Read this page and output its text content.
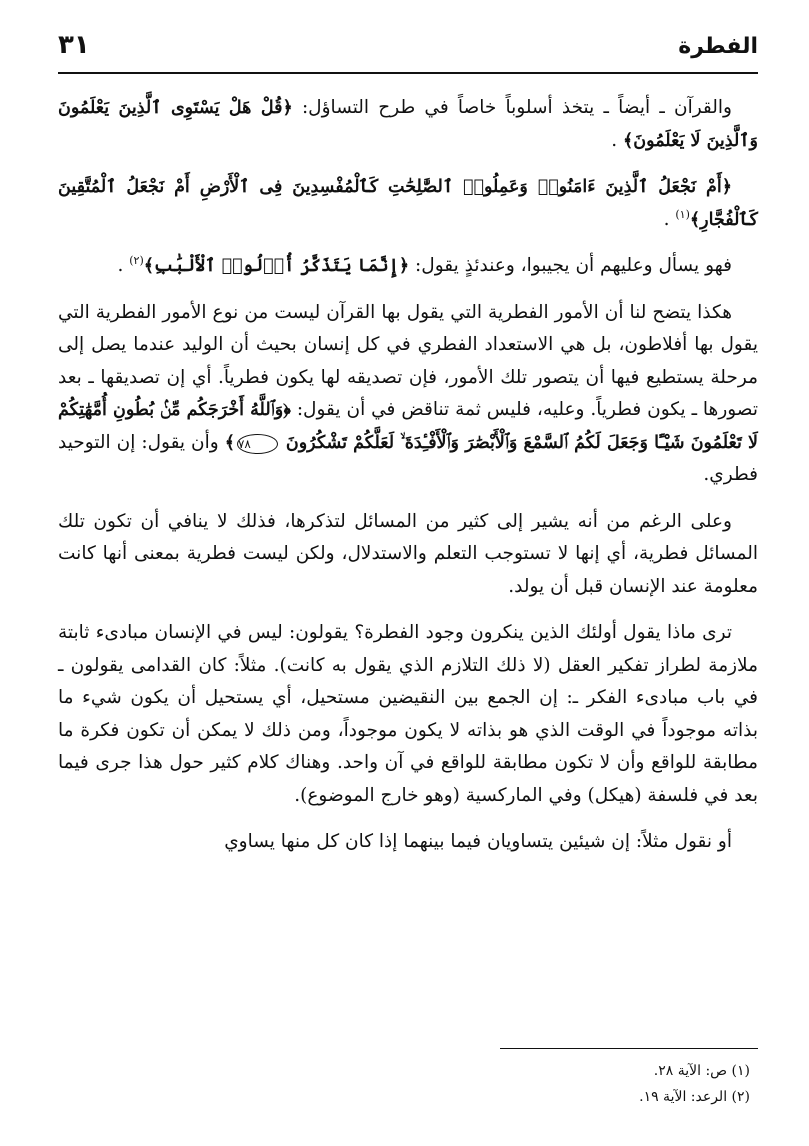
الفطرة
٣١

والقرآن ـ أيضاً ـ يتخذ أسلوباً خاصاً في طرح التساؤل: ﴿قُلْ هَلْ يَسْتَوِى ٱلَّذِينَ يَعْلَمُونَ وَٱلَّذِينَ لَا يَعْلَمُونَ﴾ .

﴿أَمْ نَجْعَلُ ٱلَّذِينَ ءَامَنُوا۟ وَعَمِلُوا۟ ٱلصَّٰلِحَٰتِ كَٱلْمُفْسِدِينَ فِى ٱلْأَرْضِ أَمْ نَجْعَلُ ٱلْمُتَّقِينَ كَٱلْفُجَّارِ﴾$^{(١)}$ .

فهو يسأل وعليهم أن يجيبوا، وعندئذٍ يقول: ﴿إِنَّمَا يَتَذَكَّرُ أُو۟لُوا۟ ٱلْأَلْبَٰبِ﴾$^{(٢)}$ .

هكذا يتضح لنا أن الأمور الفطرية التي يقول بها القرآن ليست من نوع الأمور الفطرية التي يقول بها أفلاطون، بل هي الاستعداد الفطري في كل إنسان بحيث أن الوليد عندما يصل إلى مرحلة يستطيع فيها أن يتصور تلك الأمور، فإن تصديقه لها يكون فطرياً. أي إن تصديقها ـ بعد تصورها ـ يكون فطرياً. وعليه، فليس ثمة تناقض في أن يقول: ﴿وَٱللَّهُ أَخْرَجَكُم مِّنۢ بُطُونِ أُمَّهَٰتِكُمْ لَا تَعْلَمُونَ شَيْـًٔا وَجَعَلَ لَكُمُ ٱلسَّمْعَ وَٱلْأَبْصَٰرَ وَٱلْأَفْـِٔدَةَ ۙ لَعَلَّكُمْ تَشْكُرُونَ ٧٨﴾ وأن يقول: إن التوحيد فطري.

وعلى الرغم من أنه يشير إلى كثير من المسائل لتذكرها، فذلك لا ينافي أن تكون تلك المسائل فطرية، أي إنها لا تستوجب التعلم والاستدلال، ولكن ليست فطرية بمعنى أنها كانت معلومة عند الإنسان قبل أن يولد.

ترى ماذا يقول أولئك الذين ينكرون وجود الفطرة؟ يقولون: ليس في الإنسان مبادىء ثابتة ملازمة لطراز تفكير العقل (لا ذلك التلازم الذي يقول به كانت). مثلاً: كان القدامى يقولون ـ في باب مبادىء الفكر ـ: إن الجمع بين النقيضين مستحيل، أي يستحيل أن يكون شيء ما بذاته موجوداً في الوقت الذي هو بذاته لا يكون موجوداً، ومن ذلك لا يمكن أن تكون فكرة ما مطابقة للواقع وأن لا تكون مطابقة للواقع في آن واحد. وهناك كلام كثير حول هذا جرى فيما بعد في فلسفة (هيكل) وفي الماركسية (وهو خارج الموضوع).

أو نقول مثلاً: إن شيئين يتساويان فيما بينهما إذا كان كل منها يساوي

(١) ص: الآية ٢٨.

(٢) الرعد: الآية ١٩.
